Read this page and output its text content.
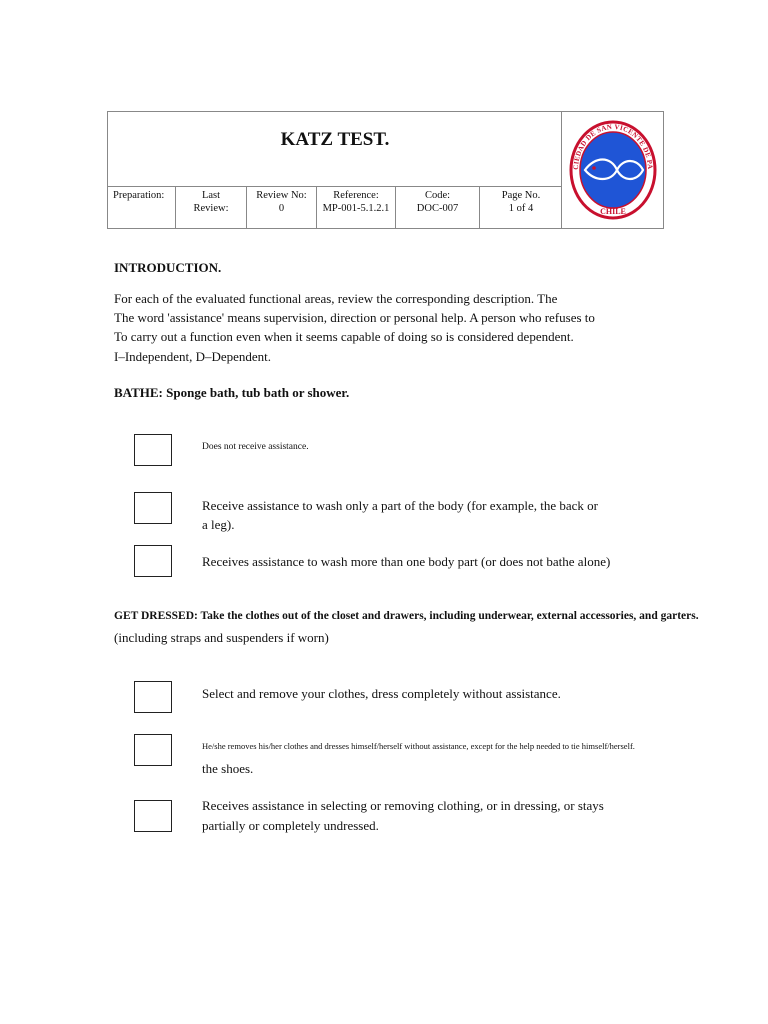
KATZ TEST.
Preparation:	Last
Review:
Review No:
0
Reference:
MP-001-5.1.2.1
Code:
DOC-007
Page No.
1 of 4
CIEDAD DE SAN VICENTE DE PA
CHILE
INTRODUCTION.
For each of the evaluated functional areas, review the corresponding description. The
The word 'assistance' means supervision, direction or personal help. A person who refuses to
To carry out a function even when it seems capable of doing so is considered dependent.
I–Independent, D–Dependent.
BATHE: Sponge bath, tub bath or shower.
Does not receive assistance.
Receive assistance to wash only a part of the body (for example, the back or
a leg).
Receives assistance to wash more than one body part (or does not bathe alone)
GET DRESSED: Take the clothes out of the closet and drawers, including underwear, external accessories, and garters.
(including straps and suspenders if worn)
Select and remove your clothes, dress completely without assistance.
He/she removes his/her clothes and dresses himself/herself without assistance, except for the help needed to tie himself/herself.
the shoes.
Receives assistance in selecting or removing clothing, or in dressing, or stays
partially or completely undressed.
